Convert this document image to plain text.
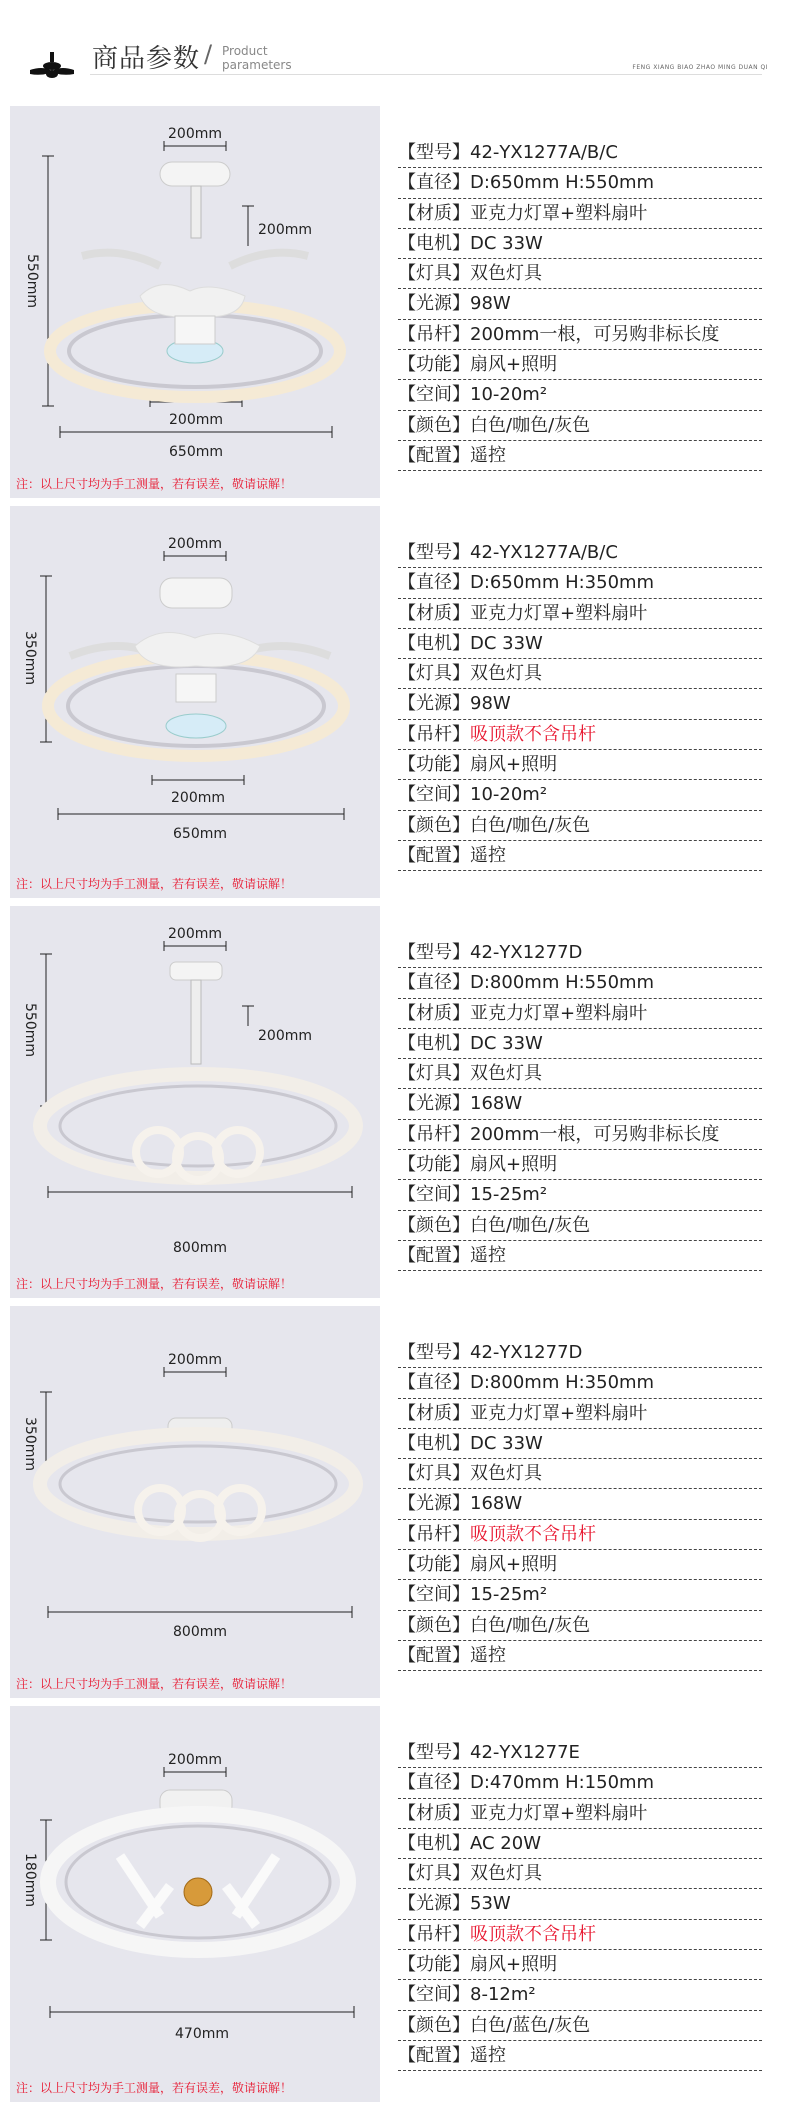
商品参数 / Product
parameters	FENG XIANG BIAO ZHAO MING DUAN QI
200mm
200mm
200mm
650mm
550mm
注：以上尺寸均为手工测量，若有误差，敬请谅解！
【型号】42-YX1277A/B/C
【直径】D:650mm H:550mm
【材质】亚克力灯罩+塑料扇叶
【电机】DC 33W
【灯具】双色灯具
【光源】98W
【吊杆】200mm一根，可另购非标长度
【功能】扇风+照明
【空间】10-20m²
【颜色】白色/咖色/灰色
【配置】遥控
200mm
200mm
650mm
350mm
注：以上尺寸均为手工测量，若有误差，敬请谅解！
【型号】42-YX1277A/B/C
【直径】D:650mm H:350mm
【材质】亚克力灯罩+塑料扇叶
【电机】DC 33W
【灯具】双色灯具
【光源】98W
【吊杆】吸顶款不含吊杆
【功能】扇风+照明
【空间】10-20m²
【颜色】白色/咖色/灰色
【配置】遥控
200mm
200mm
800mm
550mm
注：以上尺寸均为手工测量，若有误差，敬请谅解！
【型号】42-YX1277D
【直径】D:800mm H:550mm
【材质】亚克力灯罩+塑料扇叶
【电机】DC 33W
【灯具】双色灯具
【光源】168W
【吊杆】200mm一根，可另购非标长度
【功能】扇风+照明
【空间】15-25m²
【颜色】白色/咖色/灰色
【配置】遥控
200mm
800mm
350mm
注：以上尺寸均为手工测量，若有误差，敬请谅解！
【型号】42-YX1277D
【直径】D:800mm H:350mm
【材质】亚克力灯罩+塑料扇叶
【电机】DC 33W
【灯具】双色灯具
【光源】168W
【吊杆】吸顶款不含吊杆
【功能】扇风+照明
【空间】15-25m²
【颜色】白色/咖色/灰色
【配置】遥控
200mm
470mm
180mm
注：以上尺寸均为手工测量，若有误差，敬请谅解！
【型号】42-YX1277E
【直径】D:470mm H:150mm
【材质】亚克力灯罩+塑料扇叶
【电机】AC 20W
【灯具】双色灯具
【光源】53W
【吊杆】吸顶款不含吊杆
【功能】扇风+照明
【空间】8-12m²
【颜色】白色/蓝色/灰色
【配置】遥控
